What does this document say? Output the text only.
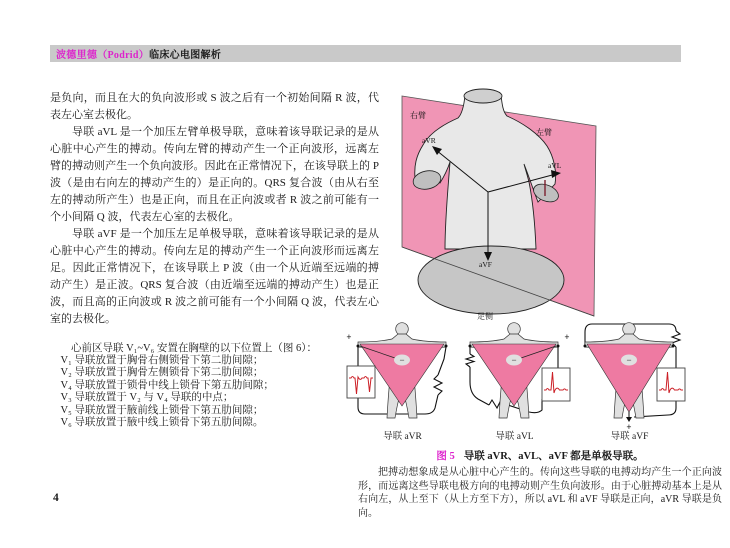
波德里德（Podrid）临床心电图解析

是负向，而且在大的负向波形或 S 波之后有一个初始间隔 R 波，代表左心室去极化。

导联 aVL 是一个加压左臂单极导联，意味着该导联记录的是从心脏中心产生的搏动。传向左臂的搏动产生一个正向波形，远离左臂的搏动则产生一个负向波形。因此在正常情况下，在该导联上的 P 波（是由右向左的搏动产生的）是正向的。QRS 复合波（由从右至左的搏动所产生）也是正向，而且在正向波或者 R 波之前可能有一个小间隔 Q 波，代表左心室的去极化。

导联 aVF 是一个加压左足单极导联，意味着该导联记录的是从心脏中心产生的搏动。传向左足的搏动产生一个正向波形而远离左足。因此正常情况下，在该导联上 P 波（由一个从近端至远端的搏动产生）是正波。QRS 复合波（由近端至远端的搏动产生）也是正波，而且高的正向波或 R 波之前可能有一个小间隔 Q 波，代表左心室的去极化。

心前区导联 V₁~V₆ 安置在胸壁的以下位置上（图 6）：

V₁ 导联放置于胸骨右侧锁骨下第二肋间隙；

V₂ 导联放置于胸骨左侧锁骨下第二肋间隙；

V₄ 导联放置于锁骨中线上锁骨下第五肋间隙；

V₃ 导联放置于 V₂ 与 V₄ 导联的中点；

V₅ 导联放置于腋前线上锁骨下第五肋间隙；

V₆ 导联放置于腋中线上锁骨下第五肋间隙。

右臂
左臂
aVR
aVL
aVF
足侧
−
+
−
+
−
+
导联 aVR	导联 aVL	导联 aVF

图 5 导联 aVR、aVL、aVF 都是单极导联。

把搏动想象成是从心脏中心产生的。传向这些导联的电搏动均产生一个正向波形，而远离这些导联电极方向的电搏动则产生负向波形。由于心脏搏动基本上是从右向左，从上至下（从上方至下方），所以 aVL 和 aVF 导联是正向，aVR 导联是负向。
4
